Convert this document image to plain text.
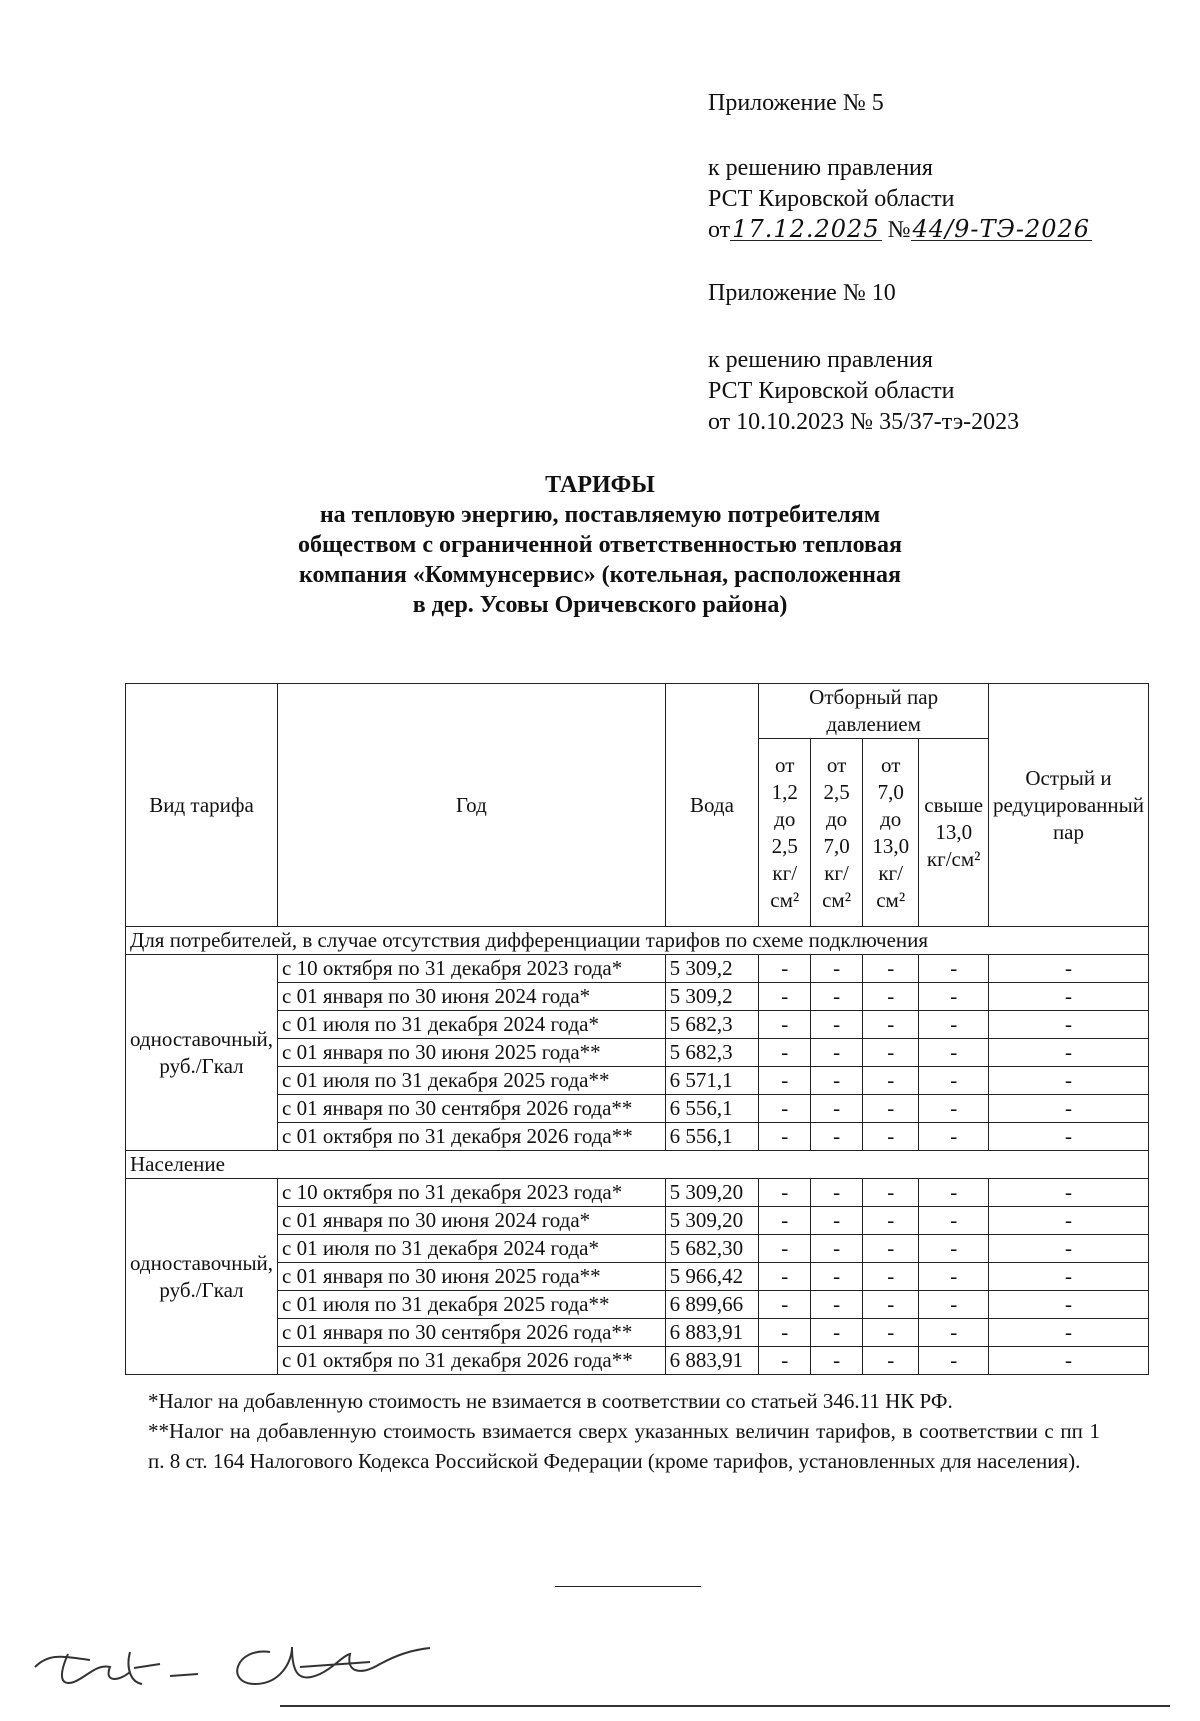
Приложение № 5
к решению правления
РСТ Кировской области
от17.12.2025 №44/9-ТЭ-2026
Приложение № 10
к решению правления
РСТ Кировской области
от 10.10.2023 № 35/37-тэ-2023
ТАРИФЫ
на тепловую энергию, поставляемую потребителям
обществом с ограниченной ответственностью тепловая
компания «Коммунсервис» (котельная, расположенная
в дер. Усовы Оричевского района)
Вид тарифа	Год	Вода	Отборный пар давлением				Острый и редуцированный пар
			от 1,2 до 2,5 кг/см²	от 2,5 до 7,0 кг/см²	от 7,0 до 13,0 кг/см²	свыше 13,0 кг/см²	
Для потребителей, в случае отсутствия дифференциации тарифов по схеме подключения							
одноставочный, руб./Гкал	с 10 октября по 31 декабря 2023 года*	5 309,2	-	-	-	-	-
	с 01 января по 30 июня 2024 года*	5 309,2	-	-	-	-	-
	с 01 июля по 31 декабря 2024 года*	5 682,3	-	-	-	-	-
	с 01 января по 30 июня 2025 года**	5 682,3	-	-	-	-	-
	с 01 июля по 31 декабря 2025 года**	6 571,1	-	-	-	-	-
	с 01 января по 30 сентября 2026 года**	6 556,1	-	-	-	-	-
	с 01 октября по 31 декабря 2026 года**	6 556,1	-	-	-	-	-
Население							
одноставочный, руб./Гкал	с 10 октября по 31 декабря 2023 года*	5 309,20	-	-	-	-	-
	с 01 января по 30 июня 2024 года*	5 309,20	-	-	-	-	-
	с 01 июля по 31 декабря 2024 года*	5 682,30	-	-	-	-	-
	с 01 января по 30 июня 2025 года**	5 966,42	-	-	-	-	-
	с 01 июля по 31 декабря 2025 года**	6 899,66	-	-	-	-	-
	с 01 января по 30 сентября 2026 года**	6 883,91	-	-	-	-	-
	с 01 октября по 31 декабря 2026 года**	6 883,91	-	-	-	-	-

*Налог на добавленную стоимость не взимается в соответствии со статьей 346.11 НК РФ.

**Налог на добавленную стоимость взимается сверх указанных величин тарифов, в соответствии с пп 1 п. 8 ст. 164 Налогового Кодекса Российской Федерации (кроме тарифов, установленных для населения).
